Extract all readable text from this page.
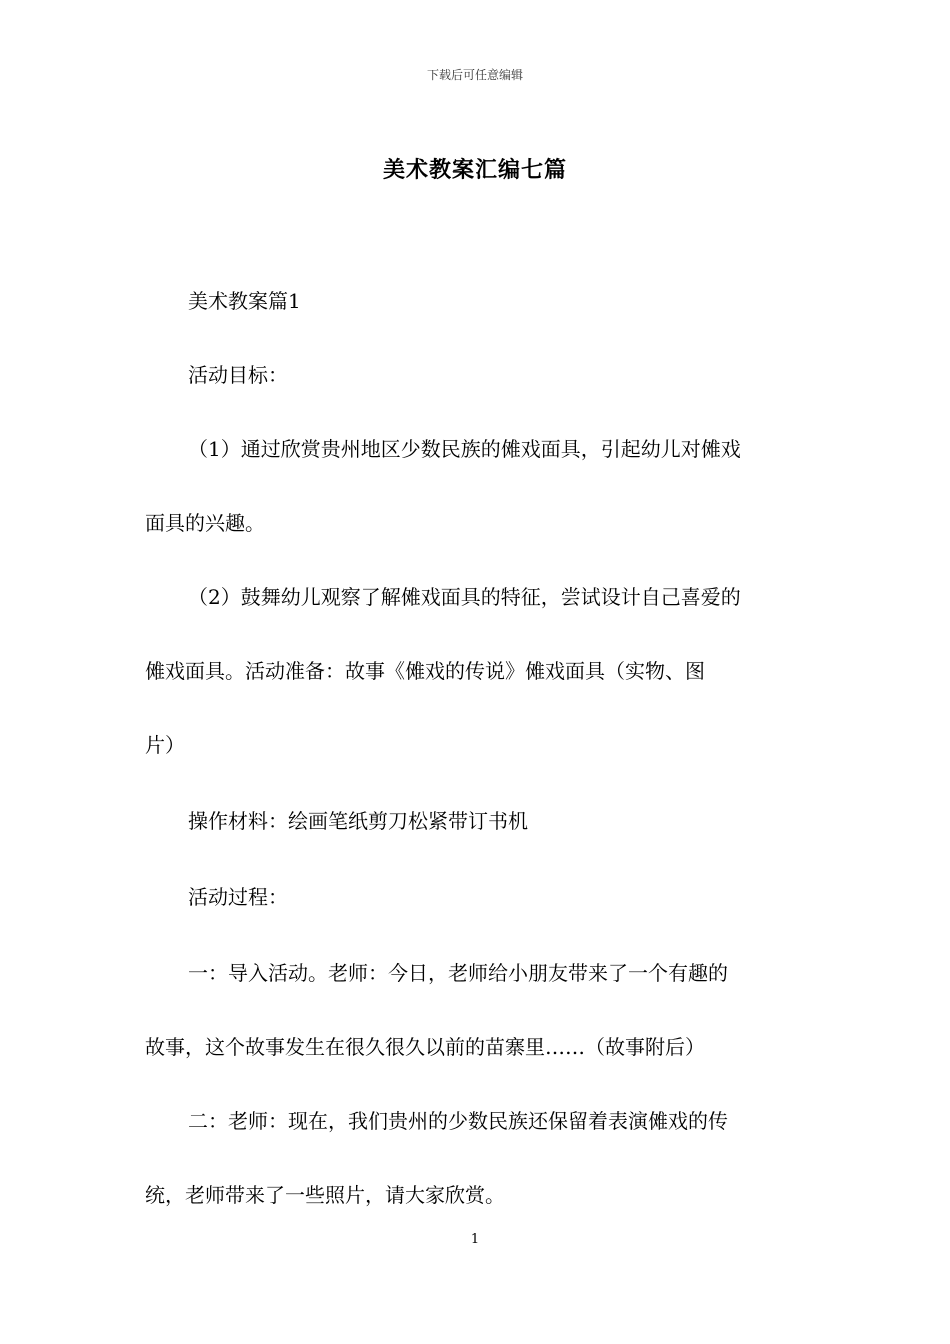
下载后可任意编辑
美术教案汇编七篇
美术教案篇1
活动目标：
（1）通过欣赏贵州地区少数民族的傩戏面具，引起幼儿对傩戏
面具的兴趣。
（2）鼓舞幼儿观察了解傩戏面具的特征，尝试设计自己喜爱的
傩戏面具。活动准备：故事《傩戏的传说》傩戏面具（实物、图
片）
操作材料：绘画笔纸剪刀松紧带订书机
活动过程：
一：导入活动。老师：今日，老师给小朋友带来了一个有趣的
故事，这个故事发生在很久很久以前的苗寨里……（故事附后）
二：老师：现在，我们贵州的少数民族还保留着表演傩戏的传
统，老师带来了一些照片，请大家欣赏。
1
